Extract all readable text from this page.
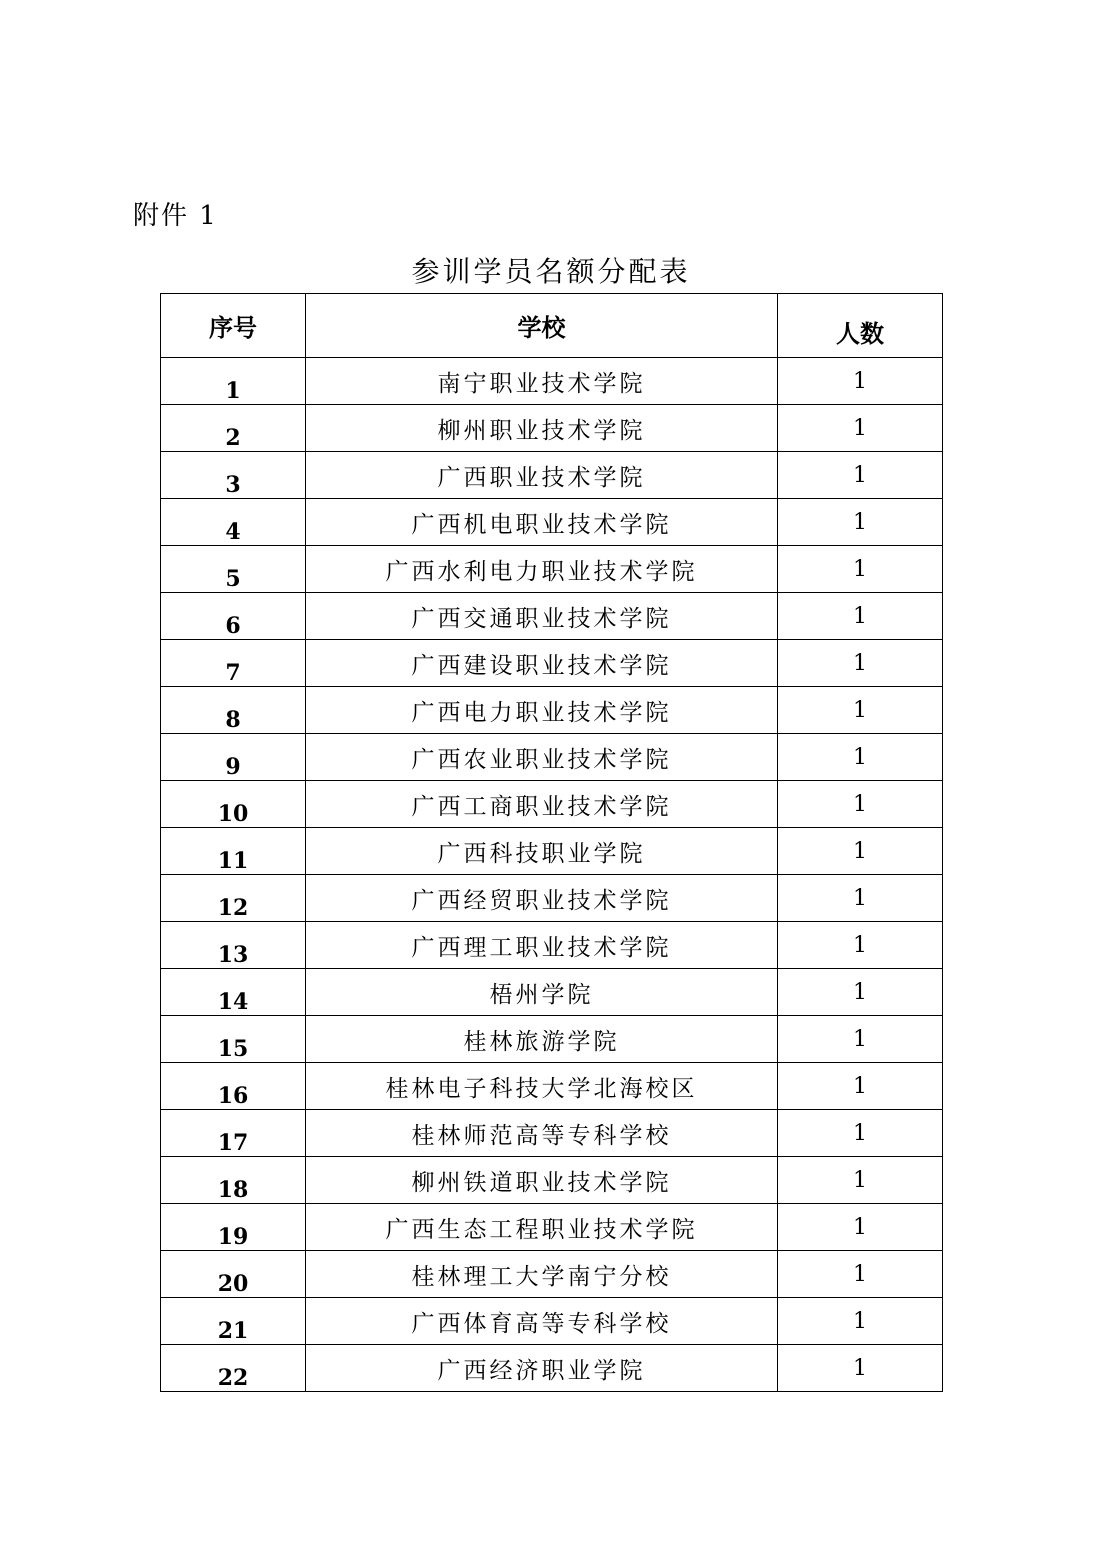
附件 1
参训学员名额分配表
序号	学校	人数
1	南宁职业技术学院	1
2	柳州职业技术学院	1
3	广西职业技术学院	1
4	广西机电职业技术学院	1
5	广西水利电力职业技术学院	1
6	广西交通职业技术学院	1
7	广西建设职业技术学院	1
8	广西电力职业技术学院	1
9	广西农业职业技术学院	1
10	广西工商职业技术学院	1
11	广西科技职业学院	1
12	广西经贸职业技术学院	1
13	广西理工职业技术学院	1
14	梧州学院	1
15	桂林旅游学院	1
16	桂林电子科技大学北海校区	1
17	桂林师范高等专科学校	1
18	柳州铁道职业技术学院	1
19	广西生态工程职业技术学院	1
20	桂林理工大学南宁分校	1
21	广西体育高等专科学校	1
22	广西经济职业学院	1
